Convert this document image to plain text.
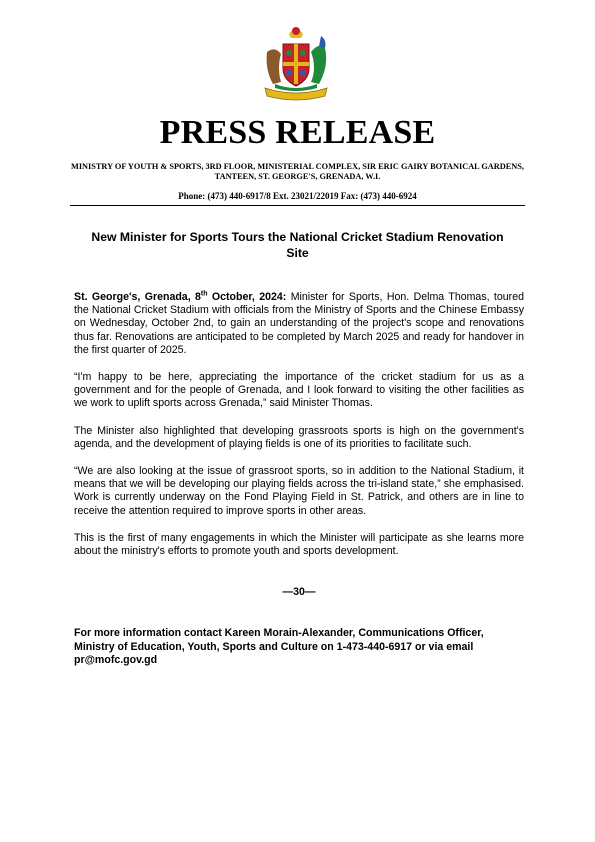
PRESS RELEASE
MINISTRY OF YOUTH & SPORTS, 3RD FLOOR, MINISTERIAL COMPLEX, SIR ERIC GAIRY BOTANICAL GARDENS, TANTEEN, ST. GEORGE'S, GRENADA, W.I.
Phone: (473) 440-6917/8 Ext. 23021/22019 Fax: (473) 440-6924
New Minister for Sports Tours the National Cricket Stadium Renovation Site

St. George's, Grenada, 8th October, 2024: Minister for Sports, Hon. Delma Thomas, toured the National Cricket Stadium with officials from the Ministry of Sports and the Chinese Embassy on Wednesday, October 2nd, to gain an understanding of the project's scope and renovations thus far. Renovations are anticipated to be completed by March 2025 and ready for handover in the first quarter of 2025.

“I'm happy to be here, appreciating the importance of the cricket stadium for us as a government and for the people of Grenada, and I look forward to visiting the other facilities as we work to uplift sports across Grenada,” said Minister Thomas.

The Minister also highlighted that developing grassroots sports is high on the government's agenda, and the development of playing fields is one of its priorities to facilitate such.

“We are also looking at the issue of grassroot sports, so in addition to the National Stadium, it means that we will be developing our playing fields across the tri-island state,” she emphasised. Work is currently underway on the Fond Playing Field in St. Patrick, and others are in line to receive the attention required to improve sports in other areas.

This is the first of many engagements in which the Minister will participate as she learns more about the ministry's efforts to promote youth and sports development.

—30—

For more information contact Kareen Morain-Alexander, Communications Officer, Ministry of Education, Youth, Sports and Culture on 1-473-440-6917 or via email pr@mofc.gov.gd
